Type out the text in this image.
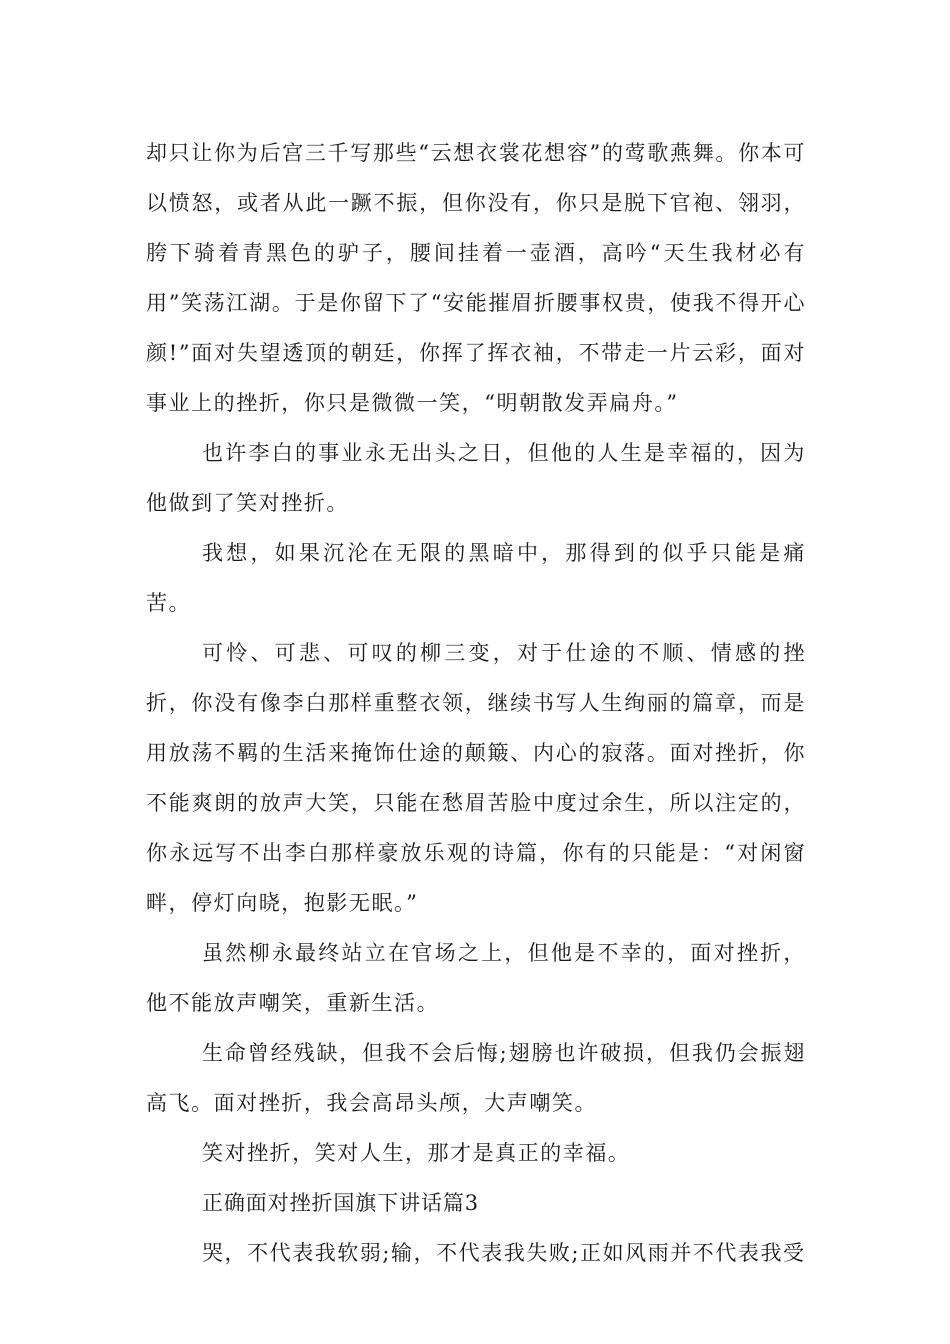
却只让你为后宫三千写那些“云想衣裳花想容”的莺歌燕舞。你本可以愤怒，或者从此一蹶不振，但你没有，你只是脱下官袍、翎羽，胯下骑着青黑色的驴子，腰间挂着一壶酒，高吟“天生我材必有用”笑荡江湖。于是你留下了“安能摧眉折腰事权贵，使我不得开心颜!”面对失望透顶的朝廷，你挥了挥衣袖，不带走一片云彩，面对事业上的挫折，你只是微微一笑，“明朝散发弄扁舟。”

也许李白的事业永无出头之日，但他的人生是幸福的，因为他做到了笑对挫折。

我想，如果沉沦在无限的黑暗中，那得到的似乎只能是痛苦。

可怜、可悲、可叹的柳三变，对于仕途的不顺、情感的挫折，你没有像李白那样重整衣领，继续书写人生绚丽的篇章，而是用放荡不羁的生活来掩饰仕途的颠簸、内心的寂落。面对挫折，你不能爽朗的放声大笑，只能在愁眉苦脸中度过余生，所以注定的，你永远写不出李白那样豪放乐观的诗篇，你有的只能是：“对闲窗畔，停灯向晓，抱影无眠。”

虽然柳永最终站立在官场之上，但他是不幸的，面对挫折，他不能放声嘲笑，重新生活。

生命曾经残缺，但我不会后悔;翅膀也许破损，但我仍会振翅高飞。面对挫折，我会高昂头颅，大声嘲笑。

笑对挫折，笑对人生，那才是真正的幸福。

正确面对挫折国旗下讲话篇3

哭，不代表我软弱;输，不代表我失败;正如风雨并不代表我受
